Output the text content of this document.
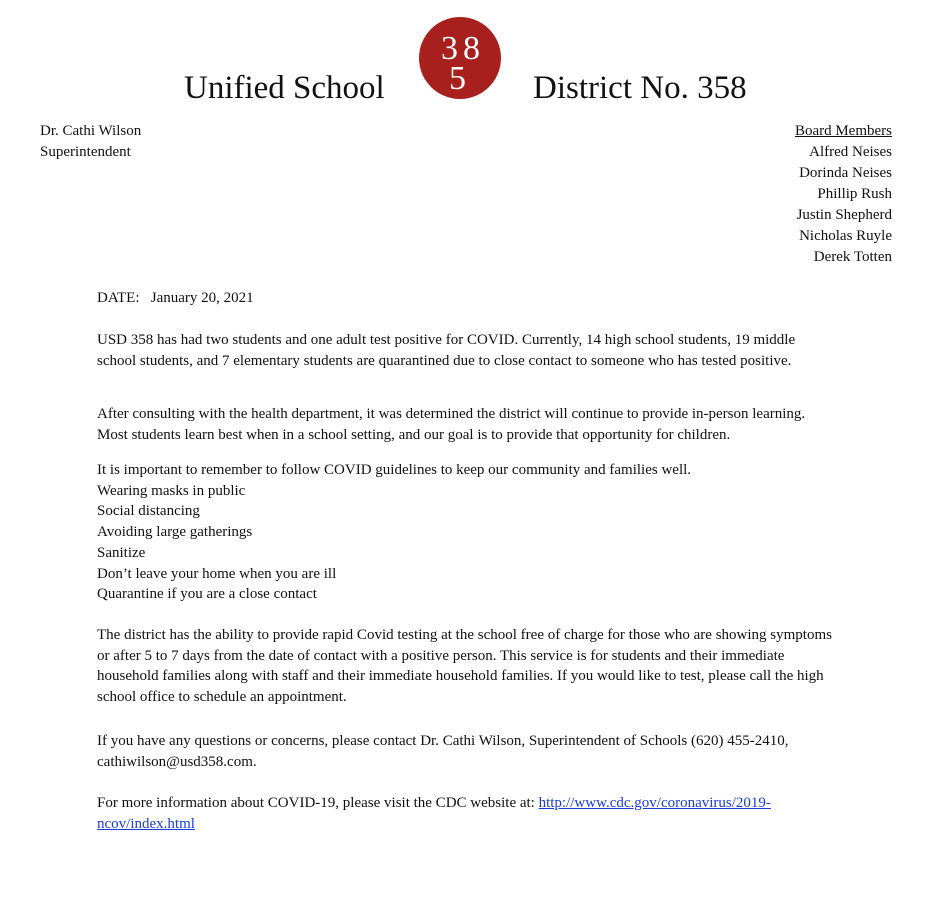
Unified School
3 8
5 District No. 358
Dr. Cathi Wilson
Superintendent
Board Members
Alfred Neises
Dorinda Neises
Phillip Rush
Justin Shepherd
Nicholas Ruyle
Derek Totten
DATE: January 20, 2021

USD 358 has had two students and one adult test positive for COVID. Currently, 14 high school students, 19 middle school students, and 7 elementary students are quarantined due to close contact to someone who has tested positive.

After consulting with the health department, it was determined the district will continue to provide in-person learning. Most students learn best when in a school setting, and our goal is to provide that opportunity for children.

It is important to remember to follow COVID guidelines to keep our community and families well.
Wearing masks in public
Social distancing
Avoiding large gatherings
Sanitize
Don’t leave your home when you are ill
Quarantine if you are a close contact

The district has the ability to provide rapid Covid testing at the school free of charge for those who are showing symptoms or after 5 to 7 days from the date of contact with a positive person. This service is for students and their immediate household families along with staff and their immediate household families. If you would like to test, please call the high school office to schedule an appointment.

If you have any questions or concerns, please contact Dr. Cathi Wilson, Superintendent of Schools (620) 455-2410, cathiwilson@usd358.com.

For more information about COVID-19, please visit the CDC website at: http://www.cdc.gov/coronavirus/2019-ncov/index.html
